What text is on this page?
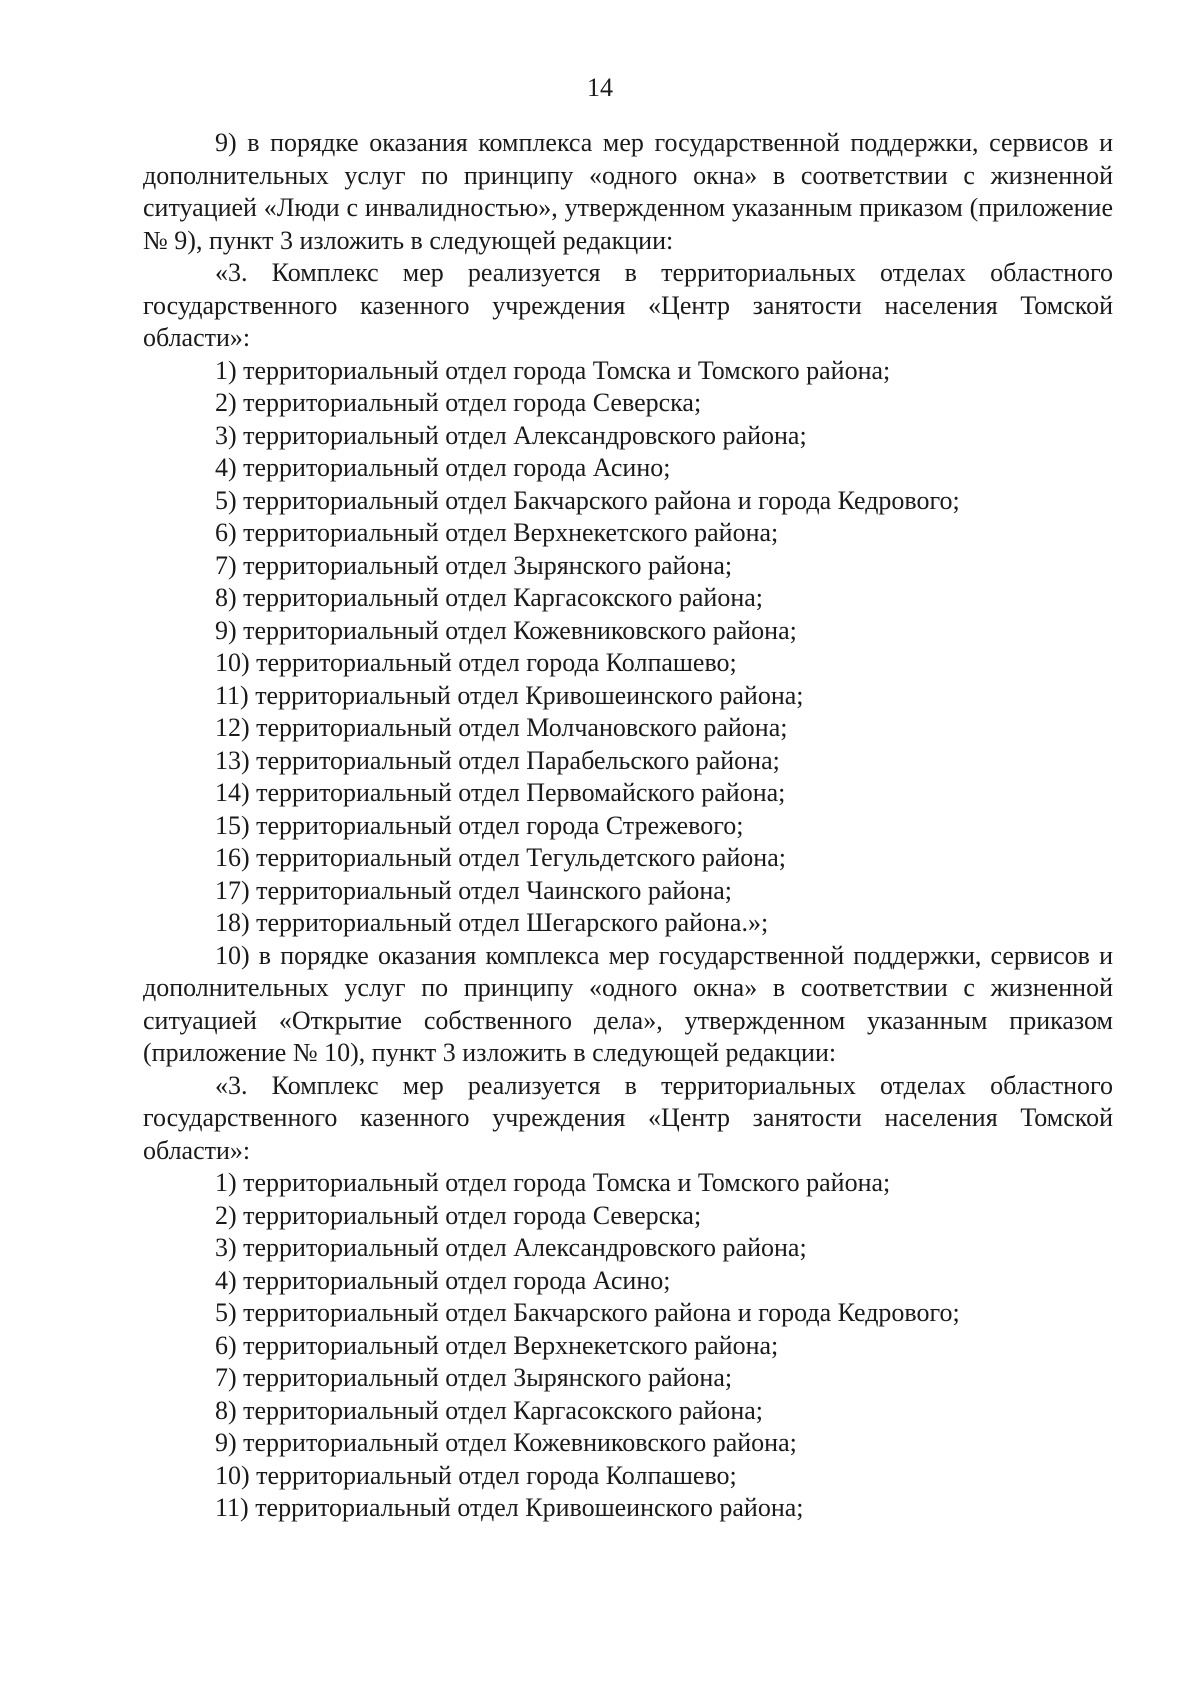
14

9) в порядке оказания комплекса мер государственной поддержки, сервисов и дополнительных услуг по принципу «одного окна» в соответствии с жизненной ситуацией «Люди с инвалидностью», утвержденном указанным приказом (приложение № 9), пункт 3 изложить в следующей редакции:

«3. Комплекс мер реализуется в территориальных отделах областного государственного казенного учреждения «Центр занятости населения Томской области»:

1) территориальный отдел города Томска и Томского района;
2) территориальный отдел города Северска;
3) территориальный отдел Александровского района;
4) территориальный отдел города Асино;
5) территориальный отдел Бакчарского района и города Кедрового;
6) территориальный отдел Верхнекетского района;
7) территориальный отдел Зырянского района;
8) территориальный отдел Каргасокского района;
9) территориальный отдел Кожевниковского района;
10) территориальный отдел города Колпашево;
11) территориальный отдел Кривошеинского района;
12) территориальный отдел Молчановского района;
13) территориальный отдел Парабельского района;
14) территориальный отдел Первомайского района;
15) территориальный отдел города Стрежевого;
16) территориальный отдел Тегульдетского района;
17) территориальный отдел Чаинского района;
18) территориальный отдел Шегарского района.»;

10) в порядке оказания комплекса мер государственной поддержки, сервисов и дополнительных услуг по принципу «одного окна» в соответствии с жизненной ситуацией «Открытие собственного дела», утвержденном указанным приказом (приложение № 10), пункт 3 изложить в следующей редакции:

«3. Комплекс мер реализуется в территориальных отделах областного государственного казенного учреждения «Центр занятости населения Томской области»:

1) территориальный отдел города Томска и Томского района;
2) территориальный отдел города Северска;
3) территориальный отдел Александровского района;
4) территориальный отдел города Асино;
5) территориальный отдел Бакчарского района и города Кедрового;
6) территориальный отдел Верхнекетского района;
7) территориальный отдел Зырянского района;
8) территориальный отдел Каргасокского района;
9) территориальный отдел Кожевниковского района;
10) территориальный отдел города Колпашево;
11) территориальный отдел Кривошеинского района;
